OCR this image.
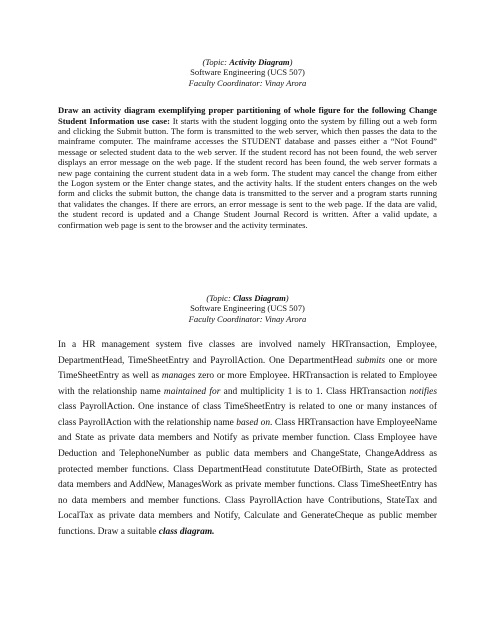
(Topic: Activity Diagram)
Software Engineering (UCS 507)
Faculty Coordinator: Vinay Arora

Draw an activity diagram exemplifying proper partitioning of whole figure for the following Change Student Information use case: It starts with the student logging onto the system by filling out a web form and clicking the Submit button. The form is transmitted to the web server, which then passes the data to the mainframe computer. The mainframe accesses the STUDENT database and passes either a “Not Found” message or selected student data to the web server. If the student record has not been found, the web server displays an error message on the web page. If the student record has been found, the web server formats a new page containing the current student data in a web form. The student may cancel the change from either the Logon system or the Enter change states, and the activity halts. If the student enters changes on the web form and clicks the submit button, the change data is transmitted to the server and a program starts running that validates the changes. If there are errors, an error message is sent to the web page. If the data are valid, the student record is updated and a Change Student Journal Record is written. After a valid update, a confirmation web page is sent to the browser and the activity terminates.

(Topic: Class Diagram)
Software Engineering (UCS 507)
Faculty Coordinator: Vinay Arora

In a HR management system five classes are involved namely HRTransaction, Employee, DepartmentHead, TimeSheetEntry and PayrollAction. One DepartmentHead submits one or more TimeSheetEntry as well as manages zero or more Employee. HRTransaction is related to Employee with the relationship name maintained for and multiplicity 1 is to 1. Class HRTransaction notifies class PayrollAction. One instance of class TimeSheetEntry is related to one or many instances of class PayrollAction with the relationship name based on. Class HRTransaction have EmployeeName and State as private data members and Notify as private member function. Class Employee have Deduction and TelephoneNumber as public data members and ChangeState, ChangeAddress as protected member functions. Class DepartmentHead constitutute DateOfBirth, State as protected data members and AddNew, ManagesWork as private member functions. Class TimeSheetEntry has no data members and member functions. Class PayrollAction have Contributions, StateTax and LocalTax as private data members and Notify, Calculate and GenerateCheque as public member functions. Draw a suitable class diagram.
